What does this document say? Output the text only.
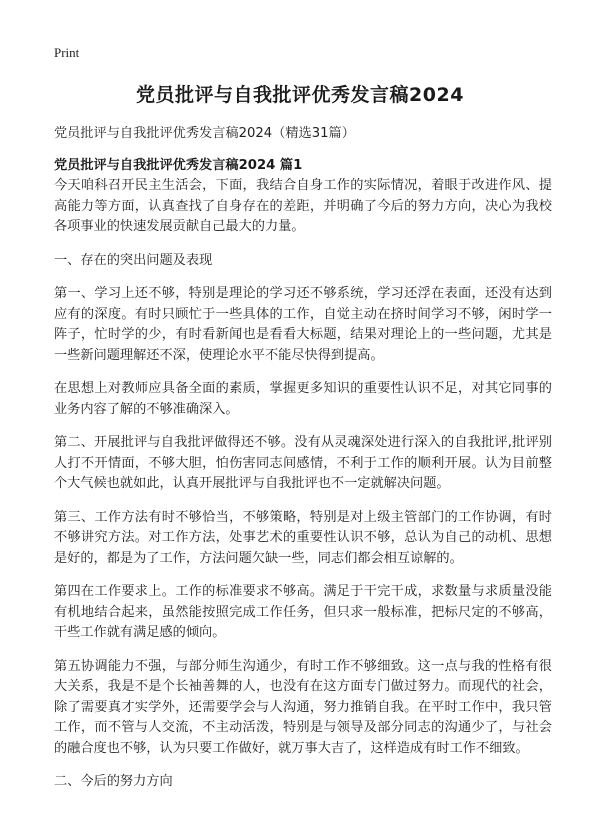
Print
党员批评与自我批评优秀发言稿2024
党员批评与自我批评优秀发言稿2024（精选31篇）
党员批评与自我批评优秀发言稿2024 篇1

今天咱科召开民主生活会，下面，我结合自身工作的实际情况，着眼于改进作风、提高能力等方面，认真查找了自身存在的差距，并明确了今后的努力方向，决心为我校各项事业的快速发展贡献自己最大的力量。

一、存在的突出问题及表现

第一、学习上还不够，特别是理论的学习还不够系统，学习还浮在表面，还没有达到应有的深度。有时只顾忙于一些具体的工作，自觉主动在挤时间学习不够，闲时学一阵子，忙时学的少，有时看新闻也是看看大标题，结果对理论上的一些问题，尤其是一些新问题理解还不深，使理论水平不能尽快得到提高。

在思想上对教师应具备全面的素质，掌握更多知识的重要性认识不足，对其它同事的业务内容了解的不够准确深入。

第二、开展批评与自我批评做得还不够。没有从灵魂深处进行深入的自我批评,批评别人打不开情面，不够大胆，怕伤害同志间感情，不利于工作的顺利开展。认为目前整个大气候也就如此，认真开展批评与自我批评也不一定就解决问题。

第三、工作方法有时不够恰当，不够策略，特别是对上级主管部门的工作协调，有时不够讲究方法。对工作方法，处事艺术的重要性认识不够，总认为自己的动机、思想是好的，都是为了工作，方法问题欠缺一些，同志们都会相互谅解的。

第四在工作要求上。工作的标准要求不够高。满足于干完干成，求数量与求质量没能有机地结合起来，虽然能按照完成工作任务，但只求一般标准，把标尺定的不够高，干些工作就有满足感的倾向。

第五协调能力不强，与部分师生沟通少，有时工作不够细致。这一点与我的性格有很大关系，我是不是个长袖善舞的人，也没有在这方面专门做过努力。而现代的社会，除了需要真才实学外，还需要学会与人沟通，努力推销自我。在平时工作中，我只管工作，而不管与人交流，不主动活泼，特别是与领导及部分同志的沟通少了，与社会的融合度也不够，认为只要工作做好，就万事大吉了，这样造成有时工作不细致。

二、今后的努力方向
